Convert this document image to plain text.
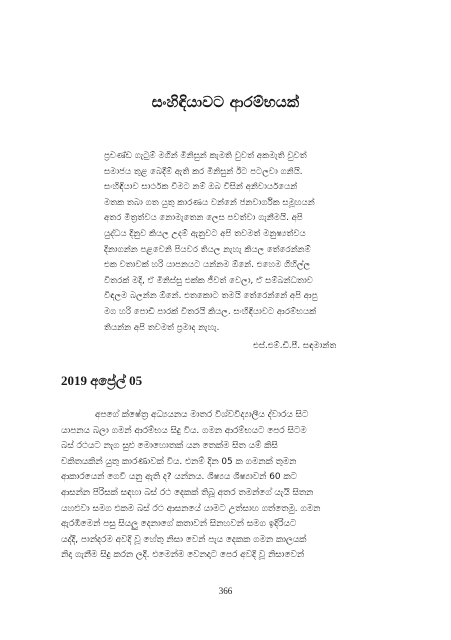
සංහිඳියාවට ආරම්භයක්
ප්‍රචණ්ඩ ගැටුම් මගින් මිනිසුන් කැමති වුවත් අකමැති වුවත්
සමාජය තුළ බෙදීම් ඇති කර මිනිසුන් ඊට පටලවා ගනියි.
සංහිඳියාව සාර්ථක විමට නම් ඔබ විසින් අනිවාර්යයෙන්
මතක තබා ගත යුතු කාරණය වන්නේ ජනවාර්ගික සමූහයන්
අතර මිත්‍රත්වය නොමැතෙන ලෙස පවත්වා ගැනීමයි. අපි
යුද්ධය දිනුව කියල උදම් ඇනුවට අපි තවමත් මනුෂ්‍යත්වය
දිනාගන්න පළවෙනි පියවර තියල නැහැ කියල තේරෙන්නම්
එක වතාවක් හරි යාපනයට යන්නම ඕනේ. එහෙම ගිහිල්ල
විතරක් මදි, ඒ මිනිස්සු එක්ක ජීවත් වෙලා, ඒ සම්බන්ධතාව
විඳලම බලන්න ඕනේ. එතකොට තමයි තේරෙන්නේ අපි ආපු
මග හරි පොඩි පාරක් විතරයි කියල. සංහිඳියාවට ආරම්භයක්
තියන්න අපි තවමත් ප්‍රමාද නැහැ.
එස්.එම්.ඩී.පී. සඳමාන්ත
2019 අප්‍රේල් 05
අපගේ ක්ෂේත්‍ර අධ්‍යයනය මාතර විශ්වවිද්‍යාලීය ද්වාරය සිට
යාපනය බලා ගමන් ආරම්භය සිදු විය. ගමන ආරම්භයට පෙර සිටම
බස් රථයට නැග සුළු මොහොතක් යන තෙක්ම සිත යම් කිසි
චකිතයකින් යුතු කාරණාවක් විය. එනම් දින 05 ක ගමනක් තුමන
ආකාරයෙන් ගෙවී යනු ඇති ද? යන්නය. ශිෂ්‍යය ශිෂ්‍යාවන් 60 කට
ආසන්න පිරිසක් සඳහා බස් රථ දෙකක් තිබූ අතර තමන්ගේ යැයි සිතන
යහළුවා සමග එකම බස් රථ ආසනයේ යාමට උත්සාහ ගත්තෙමු. ගමන
ඇරඹීමෙන් පසු සියලු දෙනාගේ කතාවන් සිනහවන් සමග ඉදිරියට
යද්දී, පාන්දරම අවදි වූ හේතු නිසා වෙන් පැය දෙකක ගමන කාලයක්
නිදා ගැනීම සිදු කරන ලදී. එමෙන්ම වෙනදාට පෙර අවදි වූ නිසාවෙන්
366
